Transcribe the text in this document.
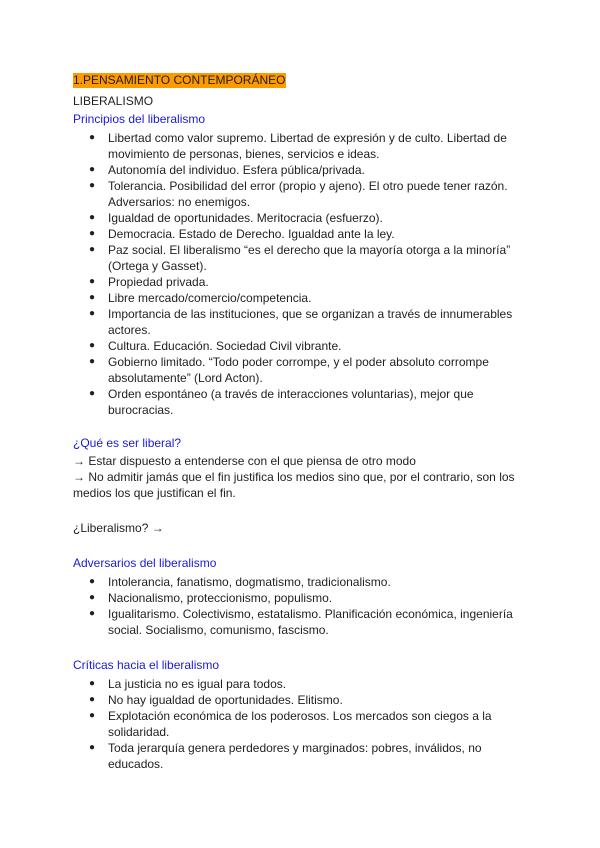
1.PENSAMIENTO CONTEMPORÁNEO
LIBERALISMO
Principios del liberalismo
● Libertad como valor supremo. Libertad de expresión y de culto. Libertad de movimiento de personas, bienes, servicios e ideas.
● Autonomía del individuo. Esfera pública/privada.
● Tolerancia. Posibilidad del error (propio y ajeno). El otro puede tener razón. Adversarios: no enemigos.
● Igualdad de oportunidades. Meritocracia (esfuerzo).
● Democracia. Estado de Derecho. Igualdad ante la ley.
● Paz social. El liberalismo “es el derecho que la mayoría otorga a la minoría” (Ortega y Gasset).
● Propiedad privada.
● Libre mercado/comercio/competencia.
● Importancia de las instituciones, que se organizan a través de innumerables actores.
● Cultura. Educación. Sociedad Civil vibrante.
● Gobierno limitado. “Todo poder corrompe, y el poder absoluto corrompe absolutamente” (Lord Acton).
● Orden espontáneo (a través de interacciones voluntarias), mejor que burocracias.
¿Qué es ser liberal?
→ Estar dispuesto a entenderse con el que piensa de otro modo
→ No admitir jamás que el fin justifica los medios sino que, por el contrario, son los medios los que justifican el fin.
¿Liberalismo? →
Adversarios del liberalismo
● Intolerancia, fanatismo, dogmatismo, tradicionalismo.
● Nacionalismo, proteccionismo, populismo.
● Igualitarismo. Colectivismo, estatalismo. Planificación económica, ingeniería social. Socialismo, comunismo, fascismo.
Críticas hacia el liberalismo
● La justicia no es igual para todos.
● No hay igualdad de oportunidades. Elitismo.
● Explotación económica de los poderosos. Los mercados son ciegos a la solidaridad.
● Toda jerarquía genera perdedores y marginados: pobres, inválidos, no educados.
